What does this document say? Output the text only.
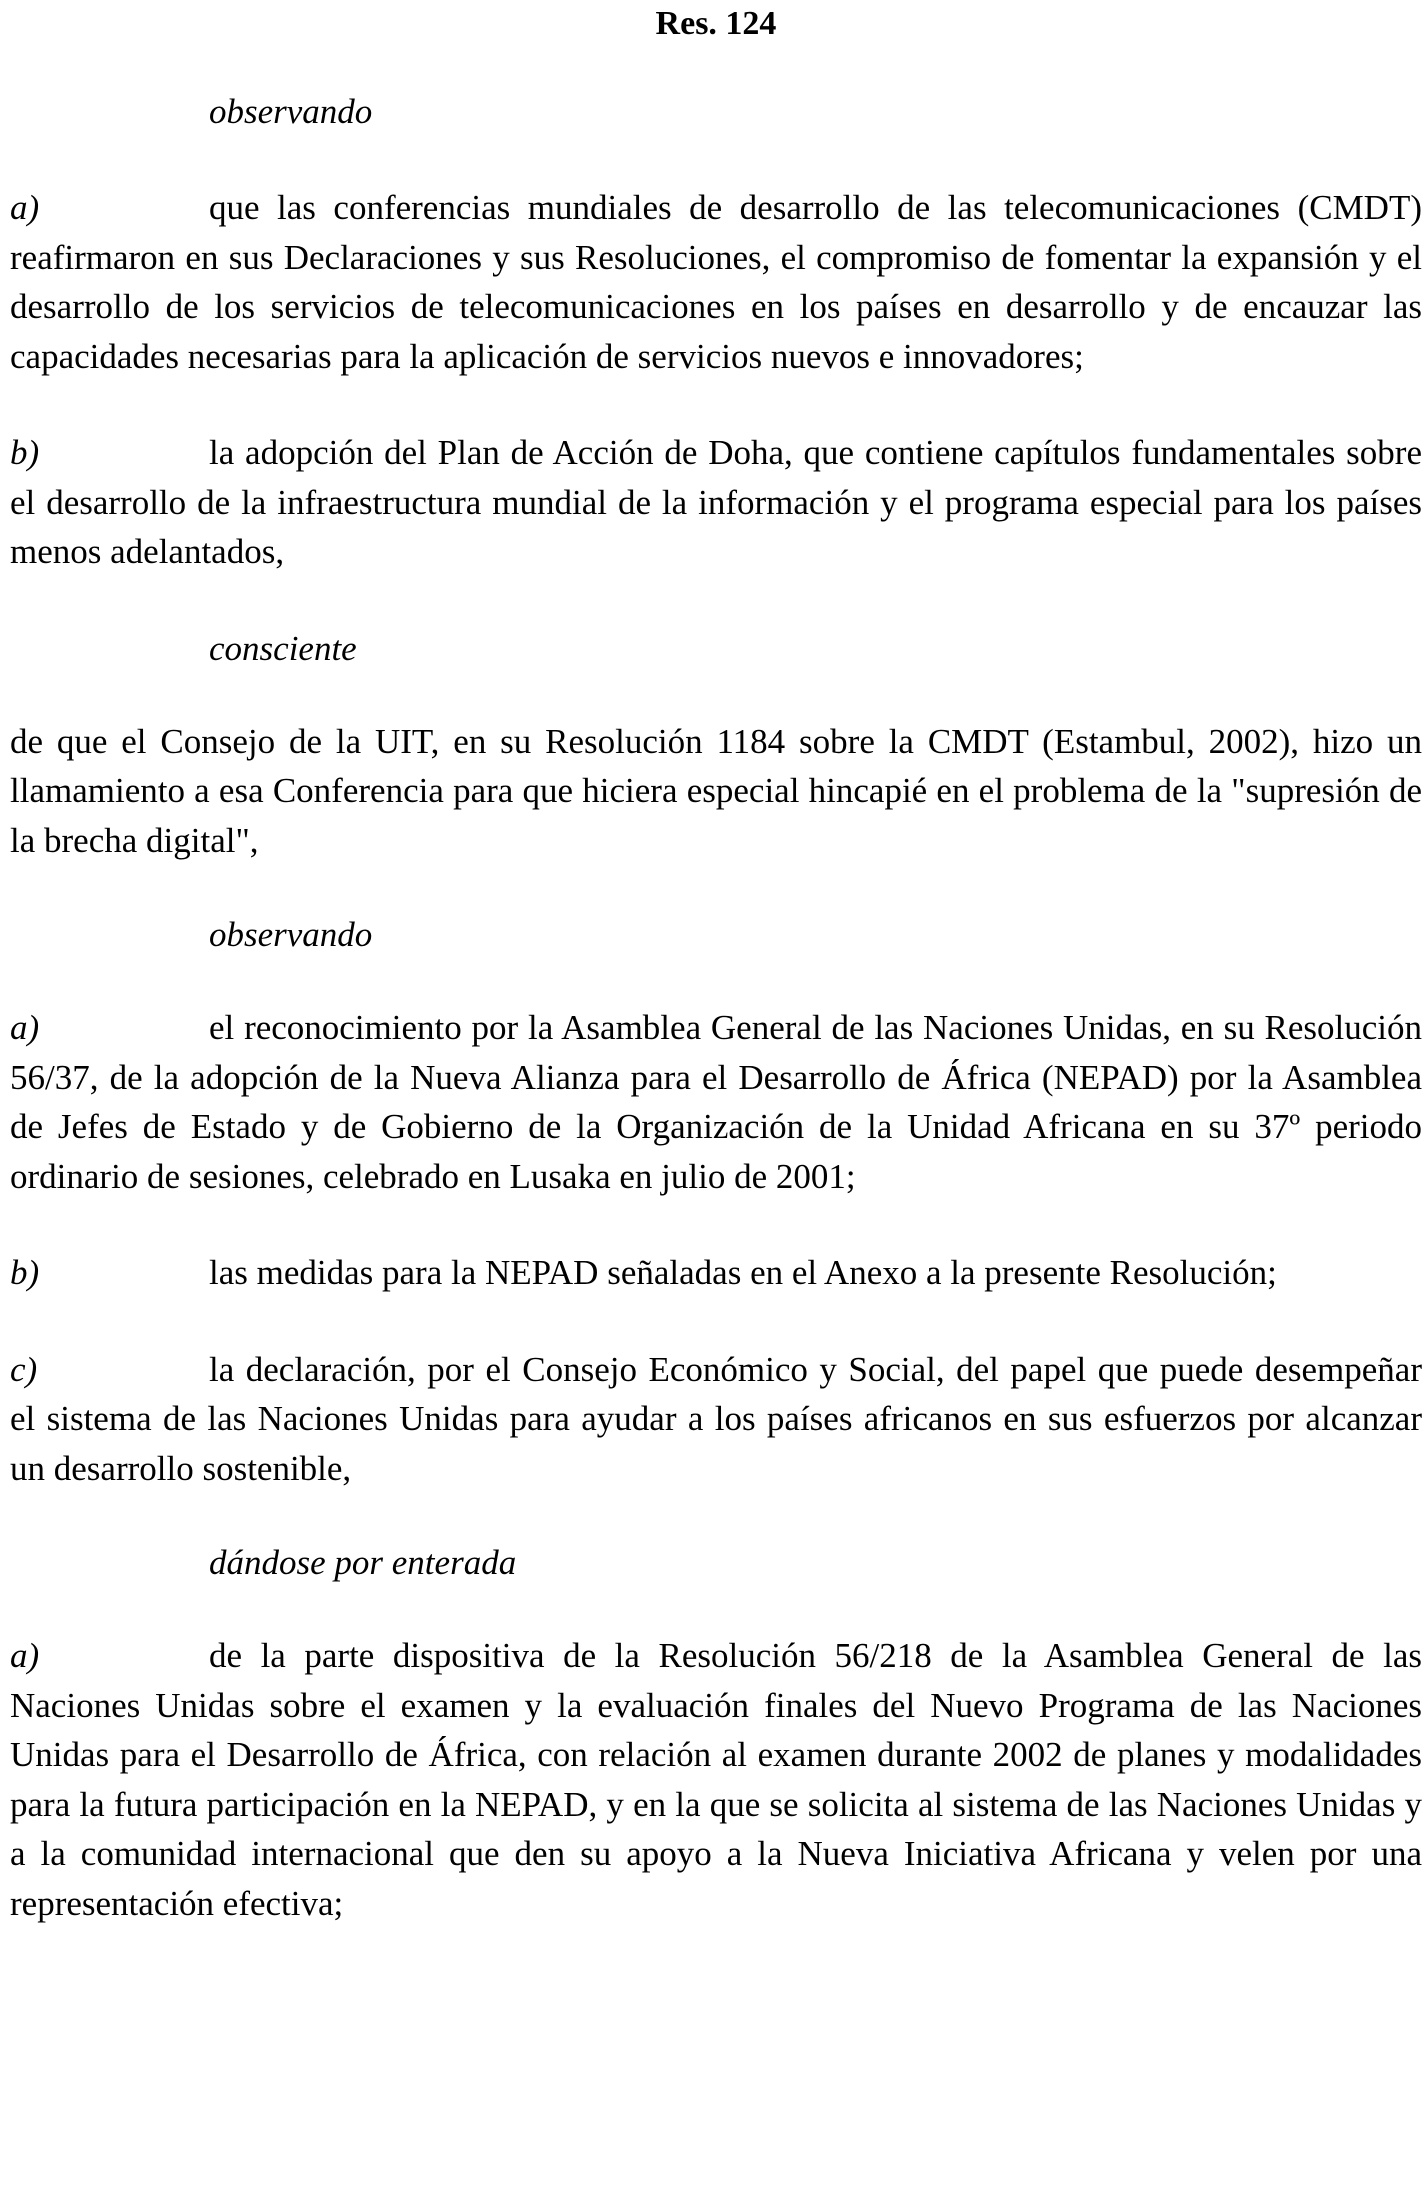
Res. 124
observando

a)	que las conferencias mundiales de desarrollo de las telecomunicaciones (CMDT) reafirmaron en sus Declaraciones y sus Resoluciones, el compromiso de fomentar la expansión y el desarrollo de los servicios de telecomunicaciones en los países en desarrollo y de encauzar las capacidades necesarias para la aplicación de servicios nuevos e innovadores;

b)	la adopción del Plan de Acción de Doha, que contiene capítulos fundamentales sobre el desarrollo de la infraestructura mundial de la información y el programa especial para los países menos adelantados,

consciente

de que el Consejo de la UIT, en su Resolución 1184 sobre la CMDT (Estambul, 2002), hizo un llamamiento a esa Conferencia para que hiciera especial hincapié en el problema de la "supresión de la brecha digital",

observando

a)	el reconocimiento por la Asamblea General de las Naciones Unidas, en su Resolución 56/37, de la adopción de la Nueva Alianza para el Desarrollo de África (NEPAD) por la Asamblea de Jefes de Estado y de Gobierno de la Organización de la Unidad Africana en su 37º periodo ordinario de sesiones, celebrado en Lusaka en julio de 2001;

b)	las medidas para la NEPAD señaladas en el Anexo a la presente Resolución;

c)	la declaración, por el Consejo Económico y Social, del papel que puede desempeñar el sistema de las Naciones Unidas para ayudar a los países africanos en sus esfuerzos por alcanzar un desarrollo sostenible,

dándose por enterada

a)	de la parte dispositiva de la Resolución 56/218 de la Asamblea General de las Naciones Unidas sobre el examen y la evaluación finales del Nuevo Programa de las Naciones Unidas para el Desarrollo de África, con relación al examen durante 2002 de planes y modalidades para la futura participación en la NEPAD, y en la que se solicita al sistema de las Naciones Unidas y a la comunidad internacional que den su apoyo a la Nueva Iniciativa Africana y velen por una representación efectiva;
